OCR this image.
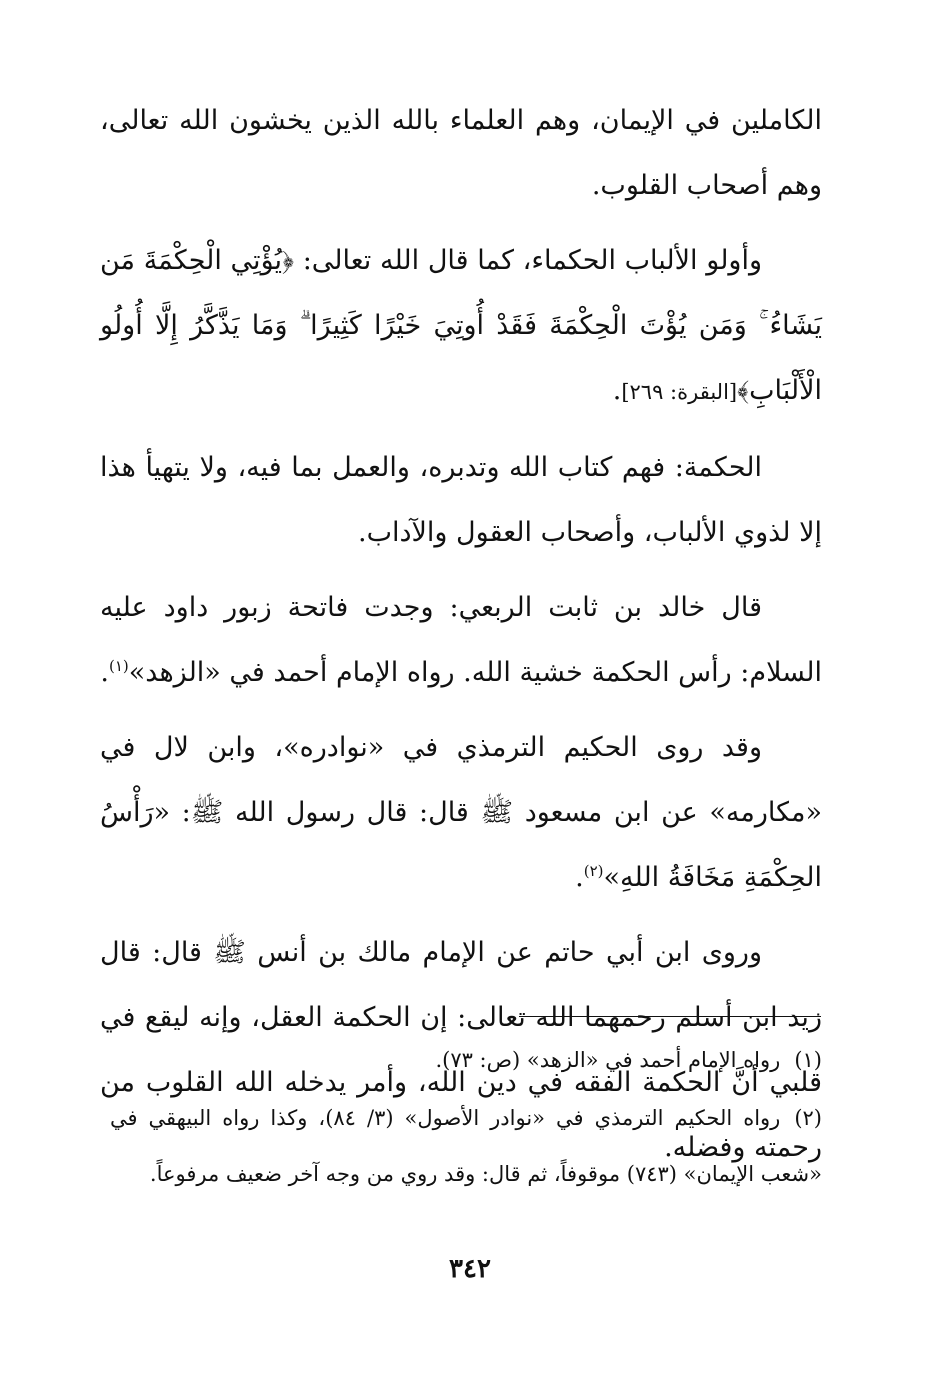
الكاملين في الإيمان، وهم العلماء بالله الذين يخشون الله تعالى، وهم أصحاب القلوب.

وأولو الألباب الحكماء، كما قال الله تعالى: ﴿يُؤْتِي الْحِكْمَةَ مَن يَشَاءُ ۚ وَمَن يُؤْتَ الْحِكْمَةَ فَقَدْ أُوتِيَ خَيْرًا كَثِيرًا ۗ وَمَا يَذَّكَّرُ إِلَّا أُولُو الْأَلْبَابِ﴾[البقرة: ٢٦٩].

الحكمة: فهم كتاب الله وتدبره، والعمل بما فيه، ولا يتهيأ هذا إلا لذوي الألباب، وأصحاب العقول والآداب.

قال خالد بن ثابت الربعي: وجدت فاتحة زبور داود عليه السلام: رأس الحكمة خشية الله. رواه الإمام أحمد في «الزهد»$^{(١)}$.

وقد روى الحكيم الترمذي في «نوادره»، وابن لال في «مكارمه» عن ابن مسعود ﷺ قال: قال رسول الله ﷺ: «رَأْسُ الحِكْمَةِ مَخَافَةُ اللهِ»$^{(٢)}$.

وروى ابن أبي حاتم عن الإمام مالك بن أنس ﷺ قال: قال زيد ابن أسلم رحمهما الله تعالى: إن الحكمة العقل، وإنه ليقع في قلبي أنَّ الحكمة الفقه في دين الله، وأمر يدخله الله القلوب من رحمته وفضله.

(١)رواه الإمام أحمد في «الزهد» (ص: ٧٣).

(٢)رواه الحكيم الترمذي في «نوادر الأصول» (٣/ ٨٤)، وكذا رواه البيهقي في «شعب الإيمان» (٧٤٣) موقوفاً، ثم قال: وقد روي من وجه آخر ضعيف مرفوعاً.

٣٤٢
